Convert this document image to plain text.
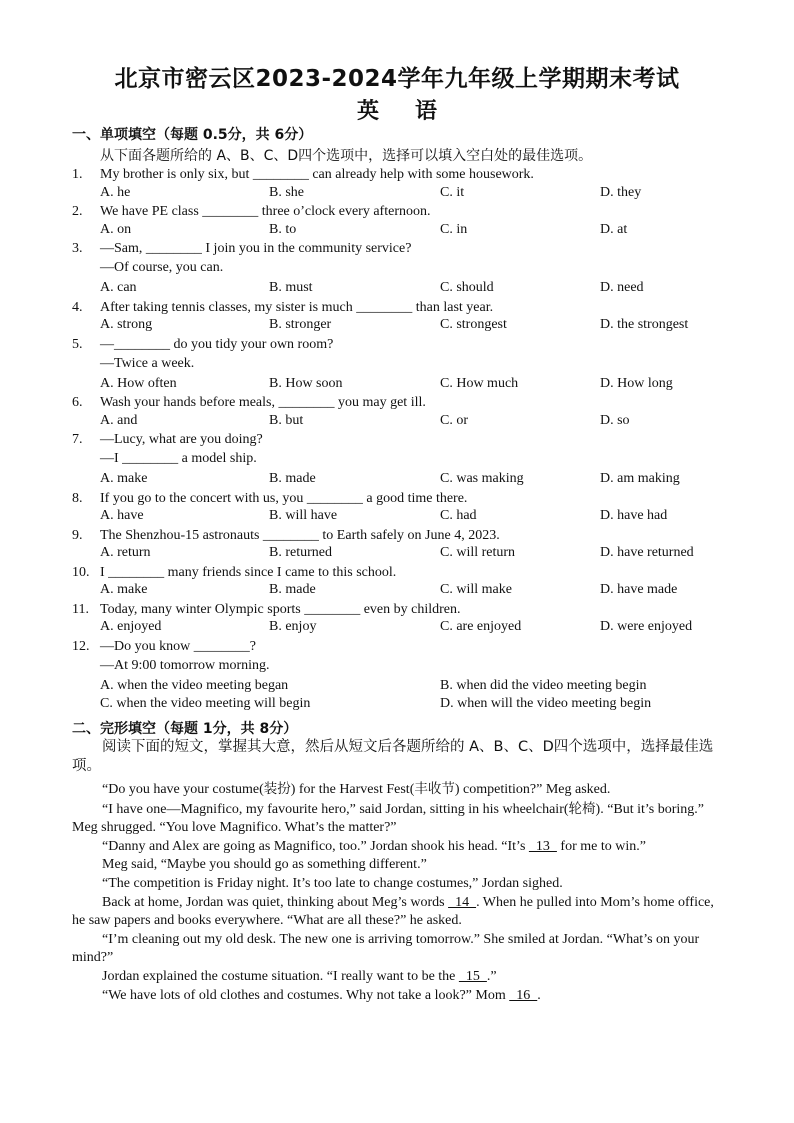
北京市密云区2023-2024学年九年级上学期期末考试
英语
一、单项填空（每题 0.5分，共 6分）
从下面各题所给的 A、B、C、D四个选项中，选择可以填入空白处的最佳选项。
1.	My brother is only six, but ________ can already help with some housework.
A. he	B. she	C. it	D. they
2.	We have PE class ________ three o’clock every afternoon.
A. on	B. to	C. in	D. at
3.	—Sam, ________ I join you in the community service?
—Of course, you can.
A. can	B. must	C. should	D. need
4.	After taking tennis classes, my sister is much ________ than last year.
A. strong	B. stronger	C. strongest	D. the strongest
5.	—________ do you tidy your own room?
—Twice a week.
A. How often	B. How soon	C. How much	D. How long
6.	Wash your hands before meals, ________ you may get ill.
A. and	B. but	C. or	D. so
7.	—Lucy, what are you doing?
—I ________ a model ship.
A. make	B. made	C. was making	D. am making
8.	If you go to the concert with us, you ________ a good time there.
A. have	B. will have	C. had	D. have had
9.	The Shenzhou-15 astronauts ________ to Earth safely on June 4, 2023.
A. return	B. returned	C. will return	D. have returned
10. I ________ many friends since I came to this school.
A. make	B. made	C. will make	D. have made
11. Today, many winter Olympic sports ________ even by children.
A. enjoyed	B. enjoy	C. are enjoyed	D. were enjoyed
12. —Do you know ________?
—At 9:00 tomorrow morning.
A. when the video meeting began	B. when did the video meeting begin
C. when the video meeting will begin	D. when will the video meeting begin
二、完形填空（每题 1分，共 8分）
阅读下面的短文，掌握其大意，然后从短文后各题所给的 A、B、C、D四个选项中，选择最佳选项。

“Do you have your costume(装扮) for the Harvest Fest(丰收节) competition?” Meg asked.

“I have one—Magnifico, my favourite hero,” said Jordan, sitting in his wheelchair(轮椅). “But it’s boring.” Meg shrugged. “You love Magnifico. What’s the matter?”

“Danny and Alex are going as Magnifico, too.” Jordan shook his head. “It’s   13   for me to win.”

Meg said, “Maybe you should go as something different.”

“The competition is Friday night. It’s too late to change costumes,” Jordan sighed.

Back at home, Jordan was quiet, thinking about Meg’s words   14  . When he pulled into Mom’s home office, he saw papers and books everywhere. “What are all these?” he asked.

“I’m cleaning out my old desk. The new one is arriving tomorrow.” She smiled at Jordan. “What’s on your mind?”

Jordan explained the costume situation. “I really want to be the   15  .”

“We have lots of old clothes and costumes. Why not take a look?” Mom   16  .
